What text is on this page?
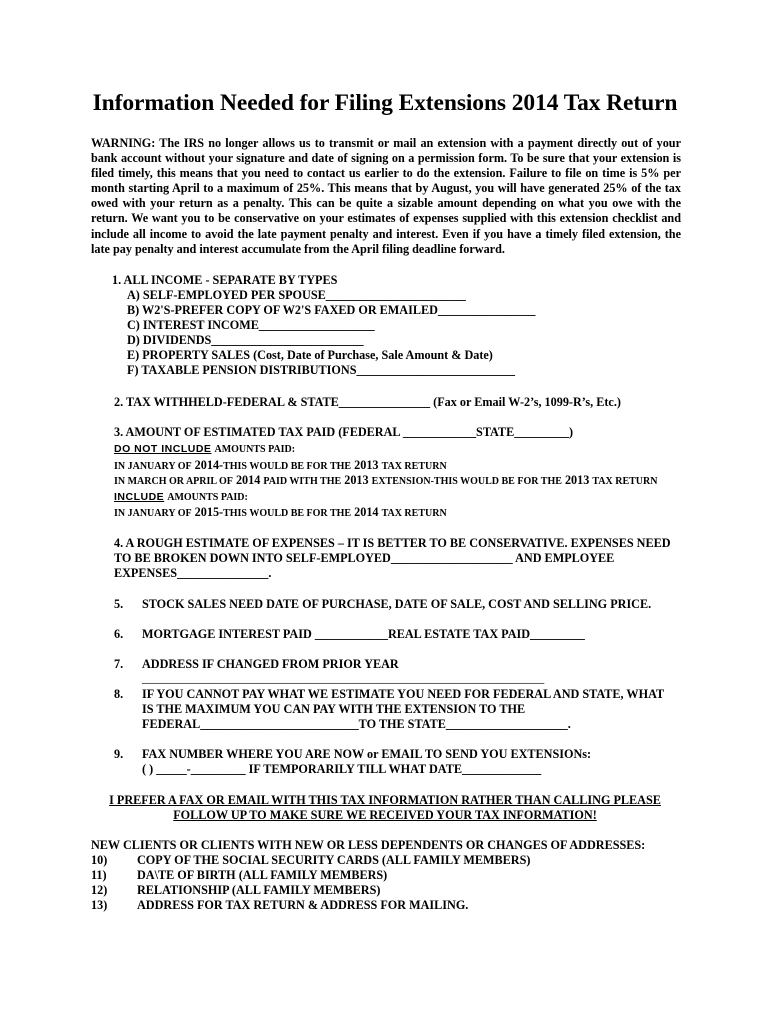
Information Needed for Filing Extensions 2014 Tax Return
WARNING: The IRS no longer allows us to transmit or mail an extension with a payment directly out of your bank account without your signature and date of signing on a permission form. To be sure that your extension is filed timely, this means that you need to contact us earlier to do the extension. Failure to file on time is 5% per month starting April to a maximum of 25%. This means that by August, you will have generated 25% of the tax owed with your return as a penalty. This can be quite a sizable amount depending on what you owe with the return. We want you to be conservative on your estimates of expenses supplied with this extension checklist and include all income to avoid the late payment penalty and interest. Even if you have a timely filed extension, the late pay penalty and interest accumulate from the April filing deadline forward.
1. ALL INCOME - SEPARATE BY TYPES
A) SELF-EMPLOYED PER SPOUSE_______________________
B) W2'S-PREFER COPY OF W2'S FAXED OR EMAILED________________
C) INTEREST INCOME___________________
D) DIVIDENDS_________________________
E) PROPERTY SALES (Cost, Date of Purchase, Sale Amount & Date)
F) TAXABLE PENSION DISTRIBUTIONS__________________________
2. TAX WITHHELD-FEDERAL & STATE_______________ (Fax or Email W-2’s, 1099-R’s, Etc.)
3. AMOUNT OF ESTIMATED TAX PAID (FEDERAL ____________STATE_________)
DO NOT INCLUDE AMOUNTS PAID:
IN JANUARY OF 2014-THIS WOULD BE FOR THE 2013 TAX RETURN
IN MARCH OR APRIL OF 2014 PAID WITH THE 2013 EXTENSION-THIS WOULD BE FOR THE 2013 TAX RETURN
INCLUDE AMOUNTS PAID:
IN JANUARY OF 2015-THIS WOULD BE FOR THE 2014 TAX RETURN
4. A ROUGH ESTIMATE OF EXPENSES – IT IS BETTER TO BE CONSERVATIVE. EXPENSES NEED
TO BE BROKEN DOWN INTO SELF-EMPLOYED____________________ AND EMPLOYEE
EXPENSES_______________.
5. STOCK SALES NEED DATE OF PURCHASE, DATE OF SALE, COST AND SELLING PRICE.
6. MORTGAGE INTEREST PAID ____________REAL ESTATE TAX PAID_________
7. ADDRESS IF CHANGED FROM PRIOR YEAR
__________________________________________________________________
8. IF YOU CANNOT PAY WHAT WE ESTIMATE YOU NEED FOR FEDERAL AND STATE, WHAT
IS THE MAXIMUM YOU CAN PAY WITH THE EXTENSION TO THE
FEDERAL__________________________TO THE STATE____________________.
9. FAX NUMBER WHERE YOU ARE NOW or EMAIL TO SEND YOU EXTENSIONs:
( ) _____-_________ IF TEMPORARILY TILL WHAT DATE_____________
I PREFER A FAX OR EMAIL WITH THIS TAX INFORMATION RATHER THAN CALLING PLEASE
FOLLOW UP TO MAKE SURE WE RECEIVED YOUR TAX INFORMATION!
NEW CLIENTS OR CLIENTS WITH NEW OR LESS DEPENDENTS OR CHANGES OF ADDRESSES:
10) COPY OF THE SOCIAL SECURITY CARDS (ALL FAMILY MEMBERS)
11) DA\TE OF BIRTH (ALL FAMILY MEMBERS)
12) RELATIONSHIP (ALL FAMILY MEMBERS)
13) ADDRESS FOR TAX RETURN & ADDRESS FOR MAILING.
